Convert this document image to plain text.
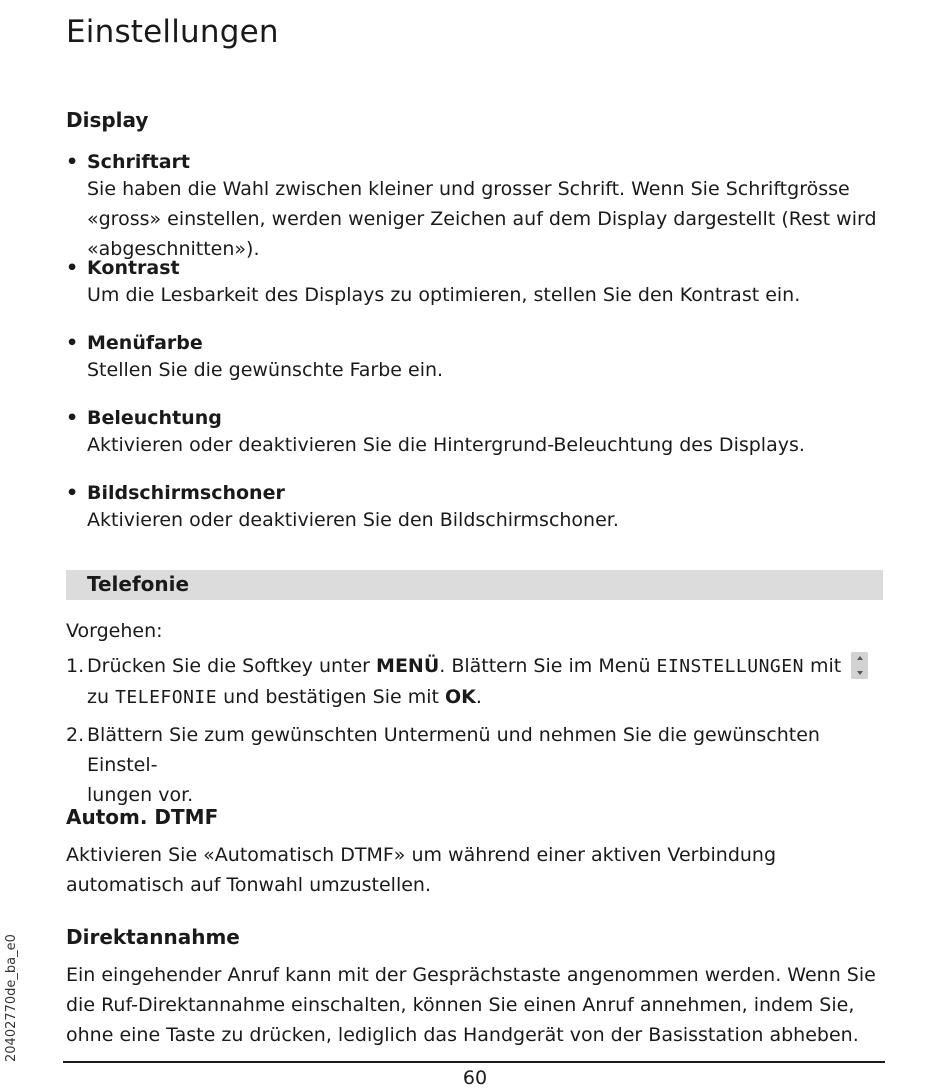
Einstellungen
Display
• Schriftart
Sie haben die Wahl zwischen kleiner und grosser Schrift. Wenn Sie Schriftgrösse «gross» einstellen, werden weniger Zeichen auf dem Display dargestellt (Rest wird «abgeschnitten»).
• Kontrast
Um die Lesbarkeit des Displays zu optimieren, stellen Sie den Kontrast ein.
• Menüfarbe
Stellen Sie die gewünschte Farbe ein.
• Beleuchtung
Aktivieren oder deaktivieren Sie die Hintergrund-Beleuchtung des Displays.
• Bildschirmschoner
Aktivieren oder deaktivieren Sie den Bildschirmschoner.
Telefonie
Vorgehen:
1. Drücken Sie die Softkey unter MENÜ. Blättern Sie im Menü EINSTELLUNGEN mit
zu TELEFONIE und bestätigen Sie mit OK.
2. Blättern Sie zum gewünschten Untermenü und nehmen Sie die gewünschten Einstel-
lungen vor.
Autom. DTMF
Aktivieren Sie «Automatisch DTMF» um während einer aktiven Verbindung automatisch auf Tonwahl umzustellen.
Direktannahme
Ein eingehender Anruf kann mit der Gesprächstaste angenommen werden. Wenn Sie die Ruf-Direktannahme einschalten, können Sie einen Anruf annehmen, indem Sie, ohne eine Taste zu drücken, lediglich das Handgerät von der Basisstation abheben.
60
20402770de_ba_e0
